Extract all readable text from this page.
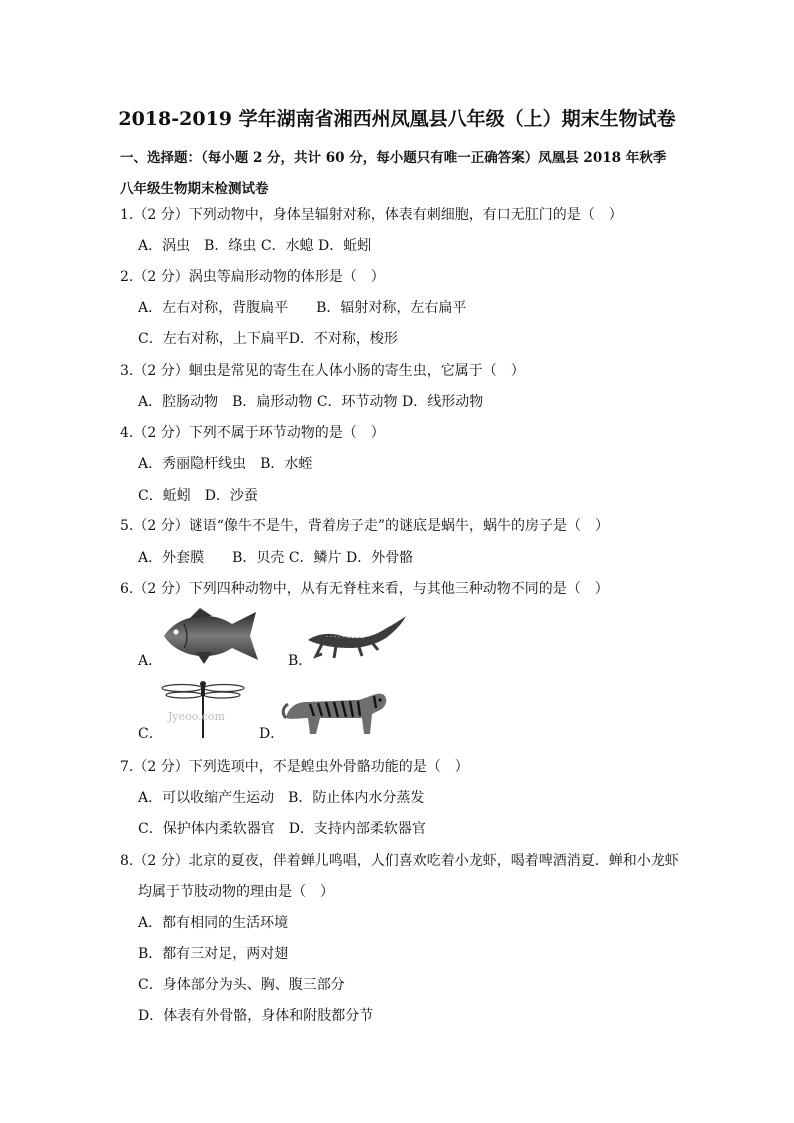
2018-2019 学年湖南省湘西州凤凰县八年级（上）期末生物试卷
一、选择题：（每小题 2 分，共计 60 分，每小题只有唯一正确答案）凤凰县 2018 年秋季
八年级生物期末检测试卷
1.（2 分）下列动物中，身体呈辐射对称，体表有刺细胞，有口无肛门的是（　）
A．涡虫　B．绦虫 C．水螅 D．蚯蚓
2.（2 分）涡虫等扁形动物的体形是（　）
A．左右对称，背腹扁平　　B．辐射对称，左右扁平
C．左右对称，上下扁平D．不对称，梭形
3.（2 分）蛔虫是常见的寄生在人体小肠的寄生虫，它属于（　）
A．腔肠动物　B．扁形动物 C．环节动物 D．线形动物
4.（2 分）下列不属于环节动物的是（　）
A．秀丽隐杆线虫　B．水蛭
C．蚯蚓　D．沙蚕
5.（2 分）谜语“像牛不是牛，背着房子走”的谜底是蜗牛，蜗牛的房子是（　）
A．外套膜　　B．贝壳 C．鳞片 D．外骨骼
6.（2 分）下列四种动物中，从有无脊柱来看，与其他三种动物不同的是（　）
A．	B．
C．
Jyeoo.com
D．
7.（2 分）下列选项中，不是蝗虫外骨骼功能的是（　）
A．可以收缩产生运动　B．防止体内水分蒸发
C．保护体内柔软器官　D．支持内部柔软器官
8.（2 分）北京的夏夜，伴着蝉儿鸣唱，人们喜欢吃着小龙虾，喝着啤酒消夏．蝉和小龙虾
均属于节肢动物的理由是（　）
A．都有相同的生活环境
B．都有三对足，两对翅
C．身体部分为头、胸、腹三部分
D．体表有外骨骼，身体和附肢都分节
